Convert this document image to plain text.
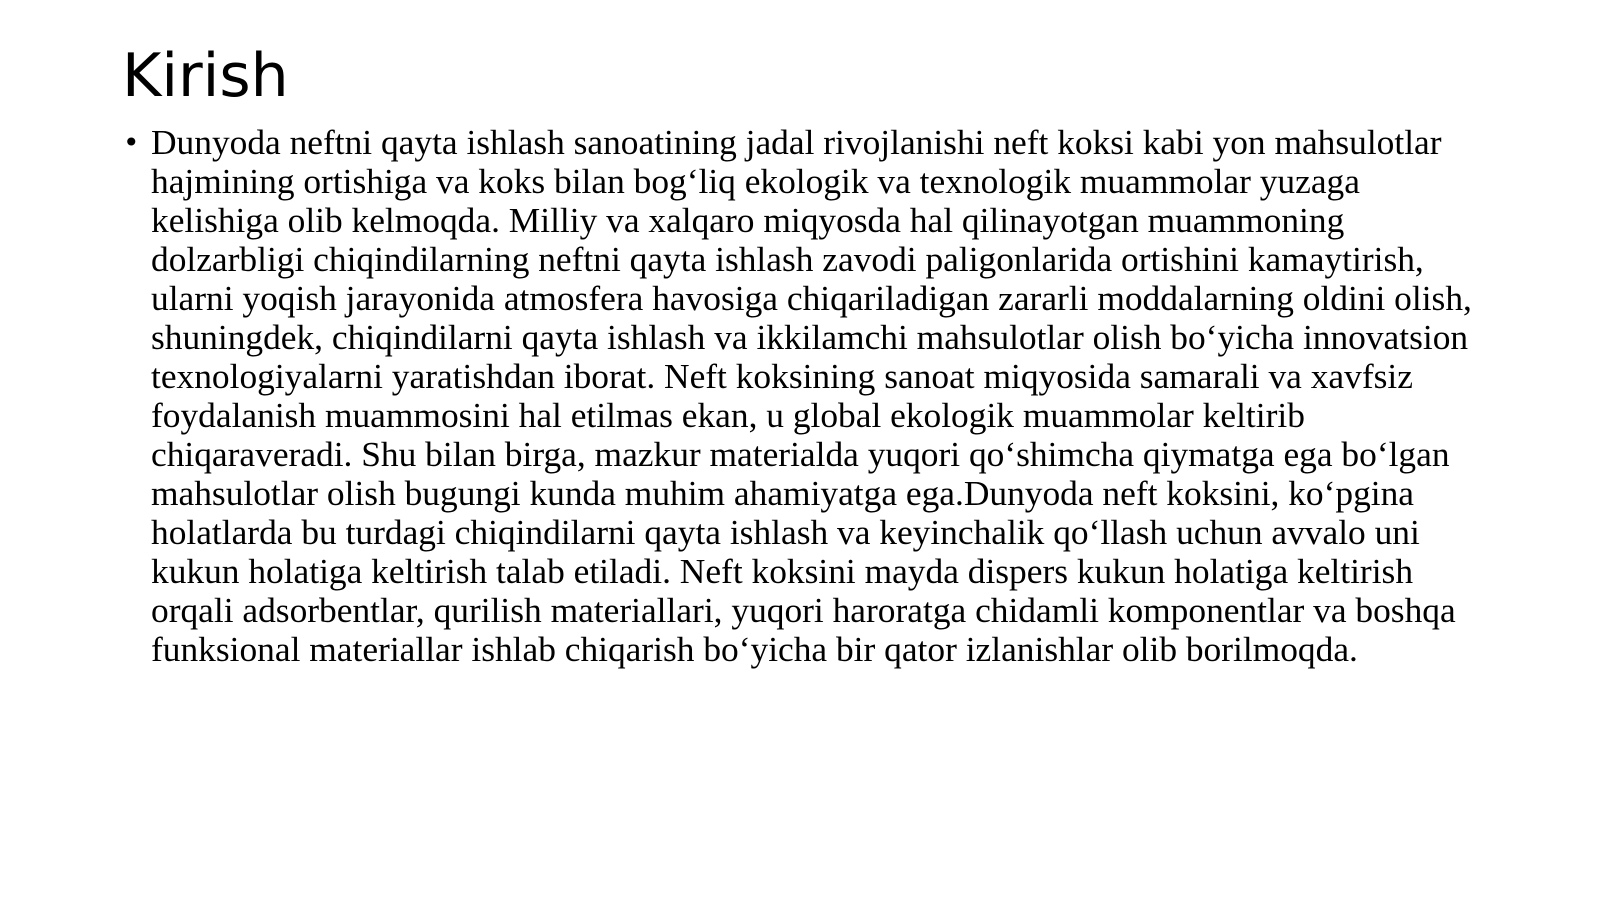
Kirish
• Dunyoda neftni qayta ishlash sanoatining jadal rivojlanishi neft koksi kabi yon mahsulotlar hajmining ortishiga va koks bilan bog‘liq ekologik va texnologik muammolar yuzaga kelishiga olib kelmoqda. Milliy va xalqaro miqyosda hal qilinayotgan muammoning dolzarbligi chiqindilarning neftni qayta ishlash zavodi paligonlarida ortishini kamaytirish, ularni yoqish jarayonida atmosfera havosiga chiqariladigan zararli moddalarning oldini olish, shuningdek, chiqindilarni qayta ishlash va ikkilamchi mahsulotlar olish bo‘yicha innovatsion texnologiyalarni yaratishdan iborat. Neft koksining sanoat miqyosida samarali va xavfsiz foydalanish muammosini hal etilmas ekan, u global ekologik muammolar keltirib chiqaraveradi. Shu bilan birga, mazkur materialda yuqori qo‘shimcha qiymatga ega bo‘lgan mahsulotlar olish bugungi kunda muhim ahamiyatga ega.Dunyoda neft koksini, ko‘pgina holatlarda bu turdagi chiqindilarni qayta ishlash va keyinchalik qo‘llash uchun avvalo uni kukun holatiga keltirish talab etiladi. Neft koksini mayda dispers kukun holatiga keltirish orqali adsorbentlar, qurilish materiallari, yuqori haroratga chidamli komponentlar va boshqa funksional materiallar ishlab chiqarish bo‘yicha bir qator izlanishlar olib borilmoqda.
